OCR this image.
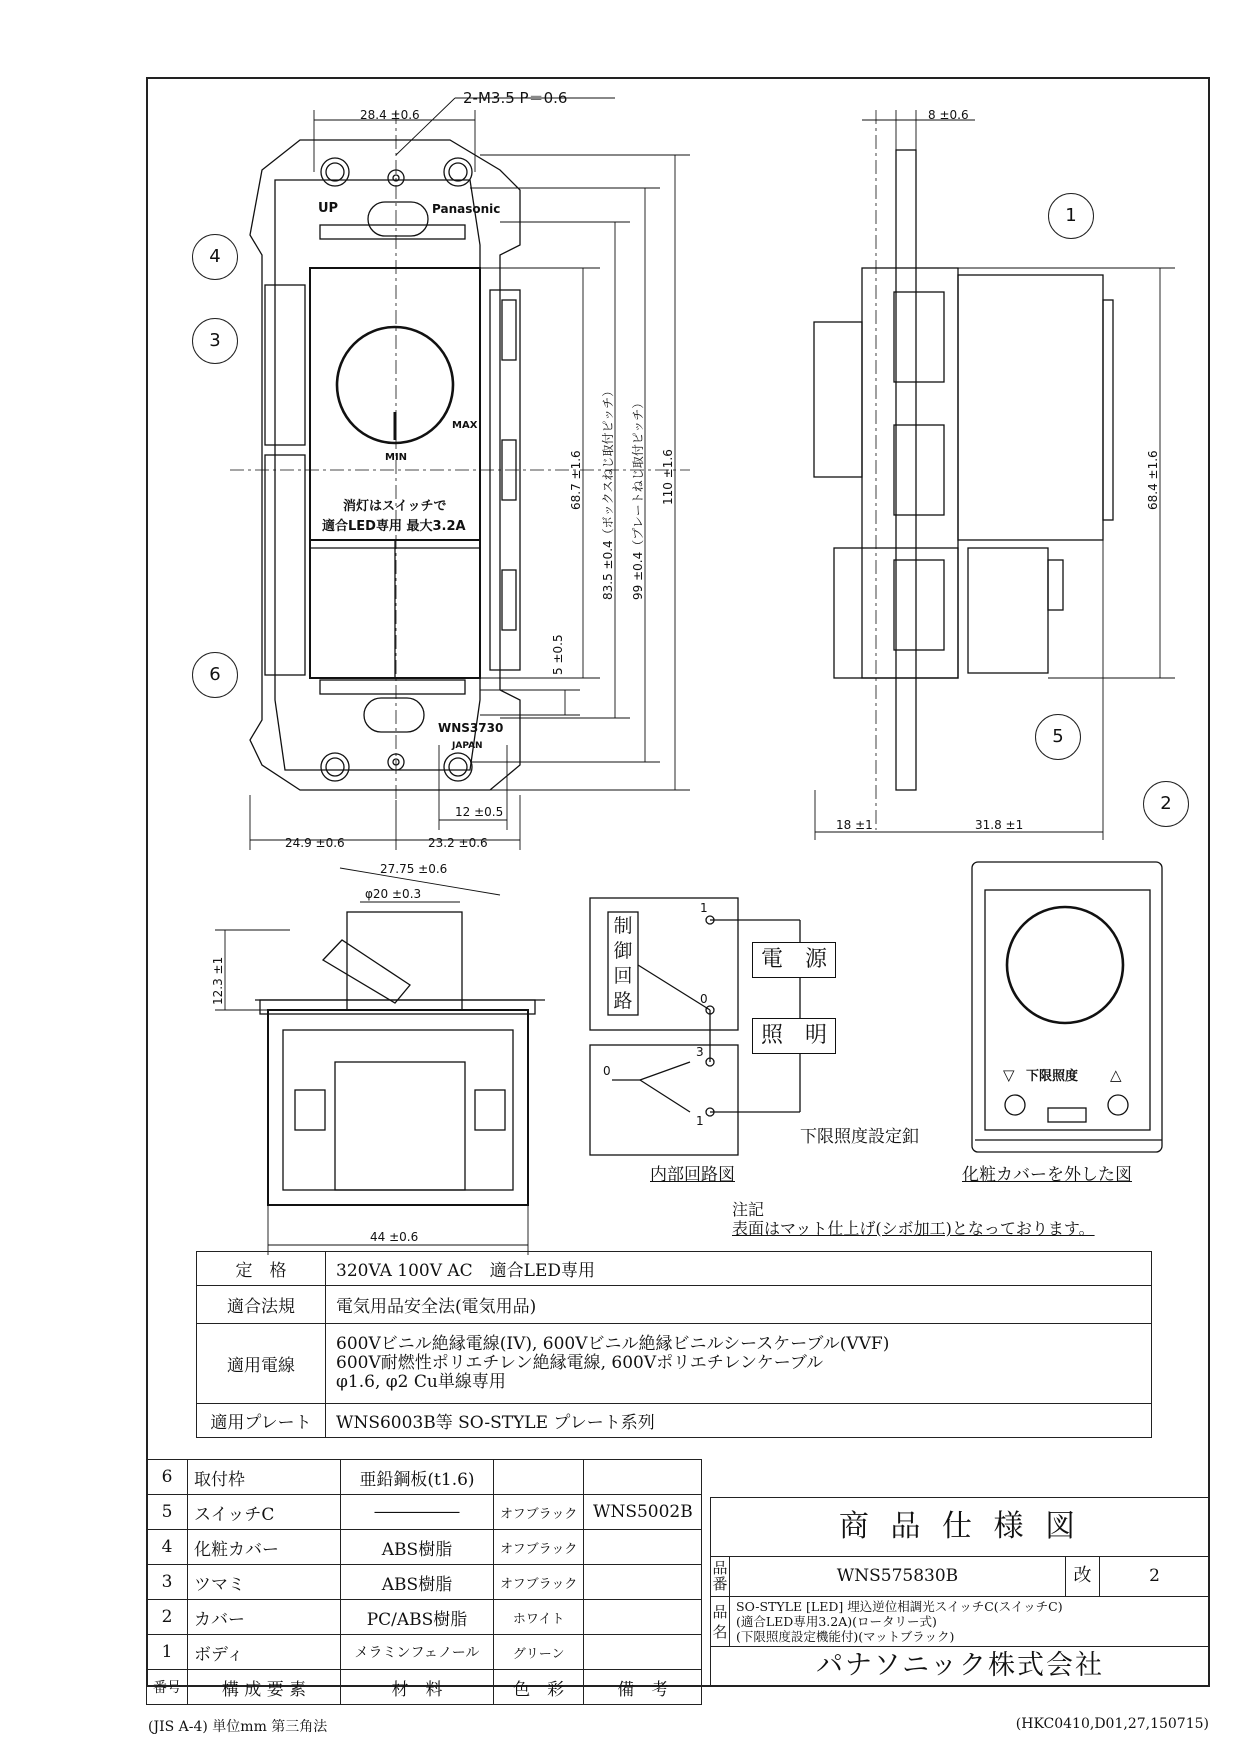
2-M3.5 P＝0.6
28.4 ±0.6	8 ±0.6
68.7 ±1.6 83.5 ±0.4（ボックスねじ取付ピッチ） 99 ±0.4（プレートねじ取付ピッチ） 110 ±1.6
5 ±0.5
12 ±0.5
24.9 ±0.6	23.2 ±0.6
18 ±1	31.8 ±1
68.4 ±1.6
27.75 ±0.6
φ20 ±0.3
12.3 ±1
44 ±0.6
UP	Panasonic
MAX
MIN
消灯はスイッチで
適合LED専用 最大3.2A
WNS3730
JAPAN
1
0
3
0
1
▽	△
下限照度
制
御
回
路
電　源
照　明
内部回路図
下限照度設定釦
化粧カバーを外した図
注記
表面はマット仕上げ(シボ加工)となっております。
1
2
3
4
5
6
定　格	320VA 100V AC　適合LED専用
適合法規	電気用品安全法(電気用品)
適用電線	600Vビニル絶縁電線(IV), 600Vビニル絶縁ビニルシースケーブル(VVF)
600V耐燃性ポリエチレン絶縁電線, 600Vポリエチレンケーブル
φ1.6, φ2 Cu単線専用
適用プレート	WNS6003B等 SO-STYLE プレート系列
6	取付枠	亜鉛鋼板(t1.6)		
5	スイッチC	―――――	オフブラック	WNS5002B
4	化粧カバー	ABS樹脂	オフブラック	
3	ツマミ	ABS樹脂	オフブラック	
2	カバー	PC/ABS樹脂	ホワイト	
1	ボディ	メラミンフェノール	グリーン	
番号	構 成 要 素	材　料	色　彩	備　考
商 品 仕 様 図
品番	WNS575830B	改	2
品名
SO-STYLE [LED] 埋込逆位相調光スイッチC(スイッチC)
(適合LED専用3.2A)(ロータリー式)
(下限照度設定機能付)(マットブラック)
パナソニック株式会社
(JIS A-4) 単位mm 第三角法	(HKC0410,D01,27,150715)
